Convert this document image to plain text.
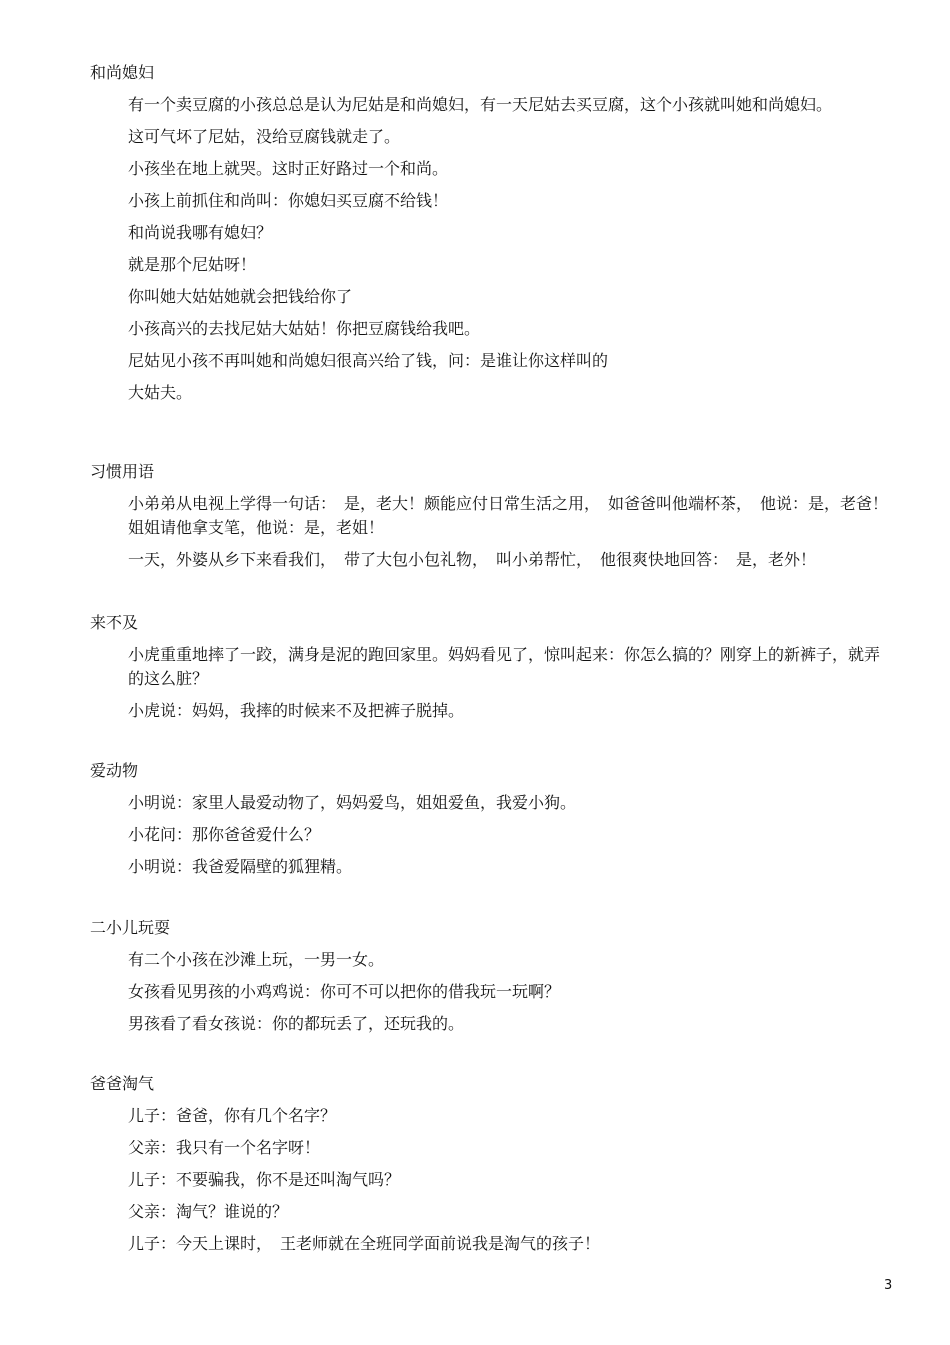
和尚媳妇
有一个卖豆腐的小孩总总是认为尼姑是和尚媳妇，有一天尼姑去买豆腐，这个小孩就叫她和尚媳妇。
这可气坏了尼姑，没给豆腐钱就走了。
小孩坐在地上就哭。这时正好路过一个和尚。
小孩上前抓住和尚叫：你媳妇买豆腐不给钱！
和尚说我哪有媳妇？
就是那个尼姑呀！
你叫她大姑姑她就会把钱给你了
小孩高兴的去找尼姑大姑姑！你把豆腐钱给我吧。
尼姑见小孩不再叫她和尚媳妇很高兴给了钱，问：是谁让你这样叫的
大姑夫。
习惯用语
小弟弟从电视上学得一句话：　是，老大！颇能应付日常生活之用，　如爸爸叫他端杯茶，　他说：是，老爸！姐姐请他拿支笔，他说：是，老姐！
一天，外婆从乡下来看我们，　带了大包小包礼物，　叫小弟帮忙，　他很爽快地回答：　是，老外！
来不及
小虎重重地摔了一跤，满身是泥的跑回家里。妈妈看见了，惊叫起来：你怎么搞的？刚穿上的新裤子，就弄的这么脏？
小虎说：妈妈，我摔的时候来不及把裤子脱掉。
爱动物
小明说：家里人最爱动物了，妈妈爱鸟，姐姐爱鱼，我爱小狗。
小花问：那你爸爸爱什么？
小明说：我爸爱隔壁的狐狸精。
二小儿玩耍
有二个小孩在沙滩上玩，一男一女。
女孩看见男孩的小鸡鸡说：你可不可以把你的借我玩一玩啊？
男孩看了看女孩说：你的都玩丢了，还玩我的。
爸爸淘气
儿子：爸爸，你有几个名字？
父亲：我只有一个名字呀！
儿子：不要骗我，你不是还叫淘气吗？
父亲：淘气？谁说的？
儿子：今天上课时，　王老师就在全班同学面前说我是淘气的孩子！
3
